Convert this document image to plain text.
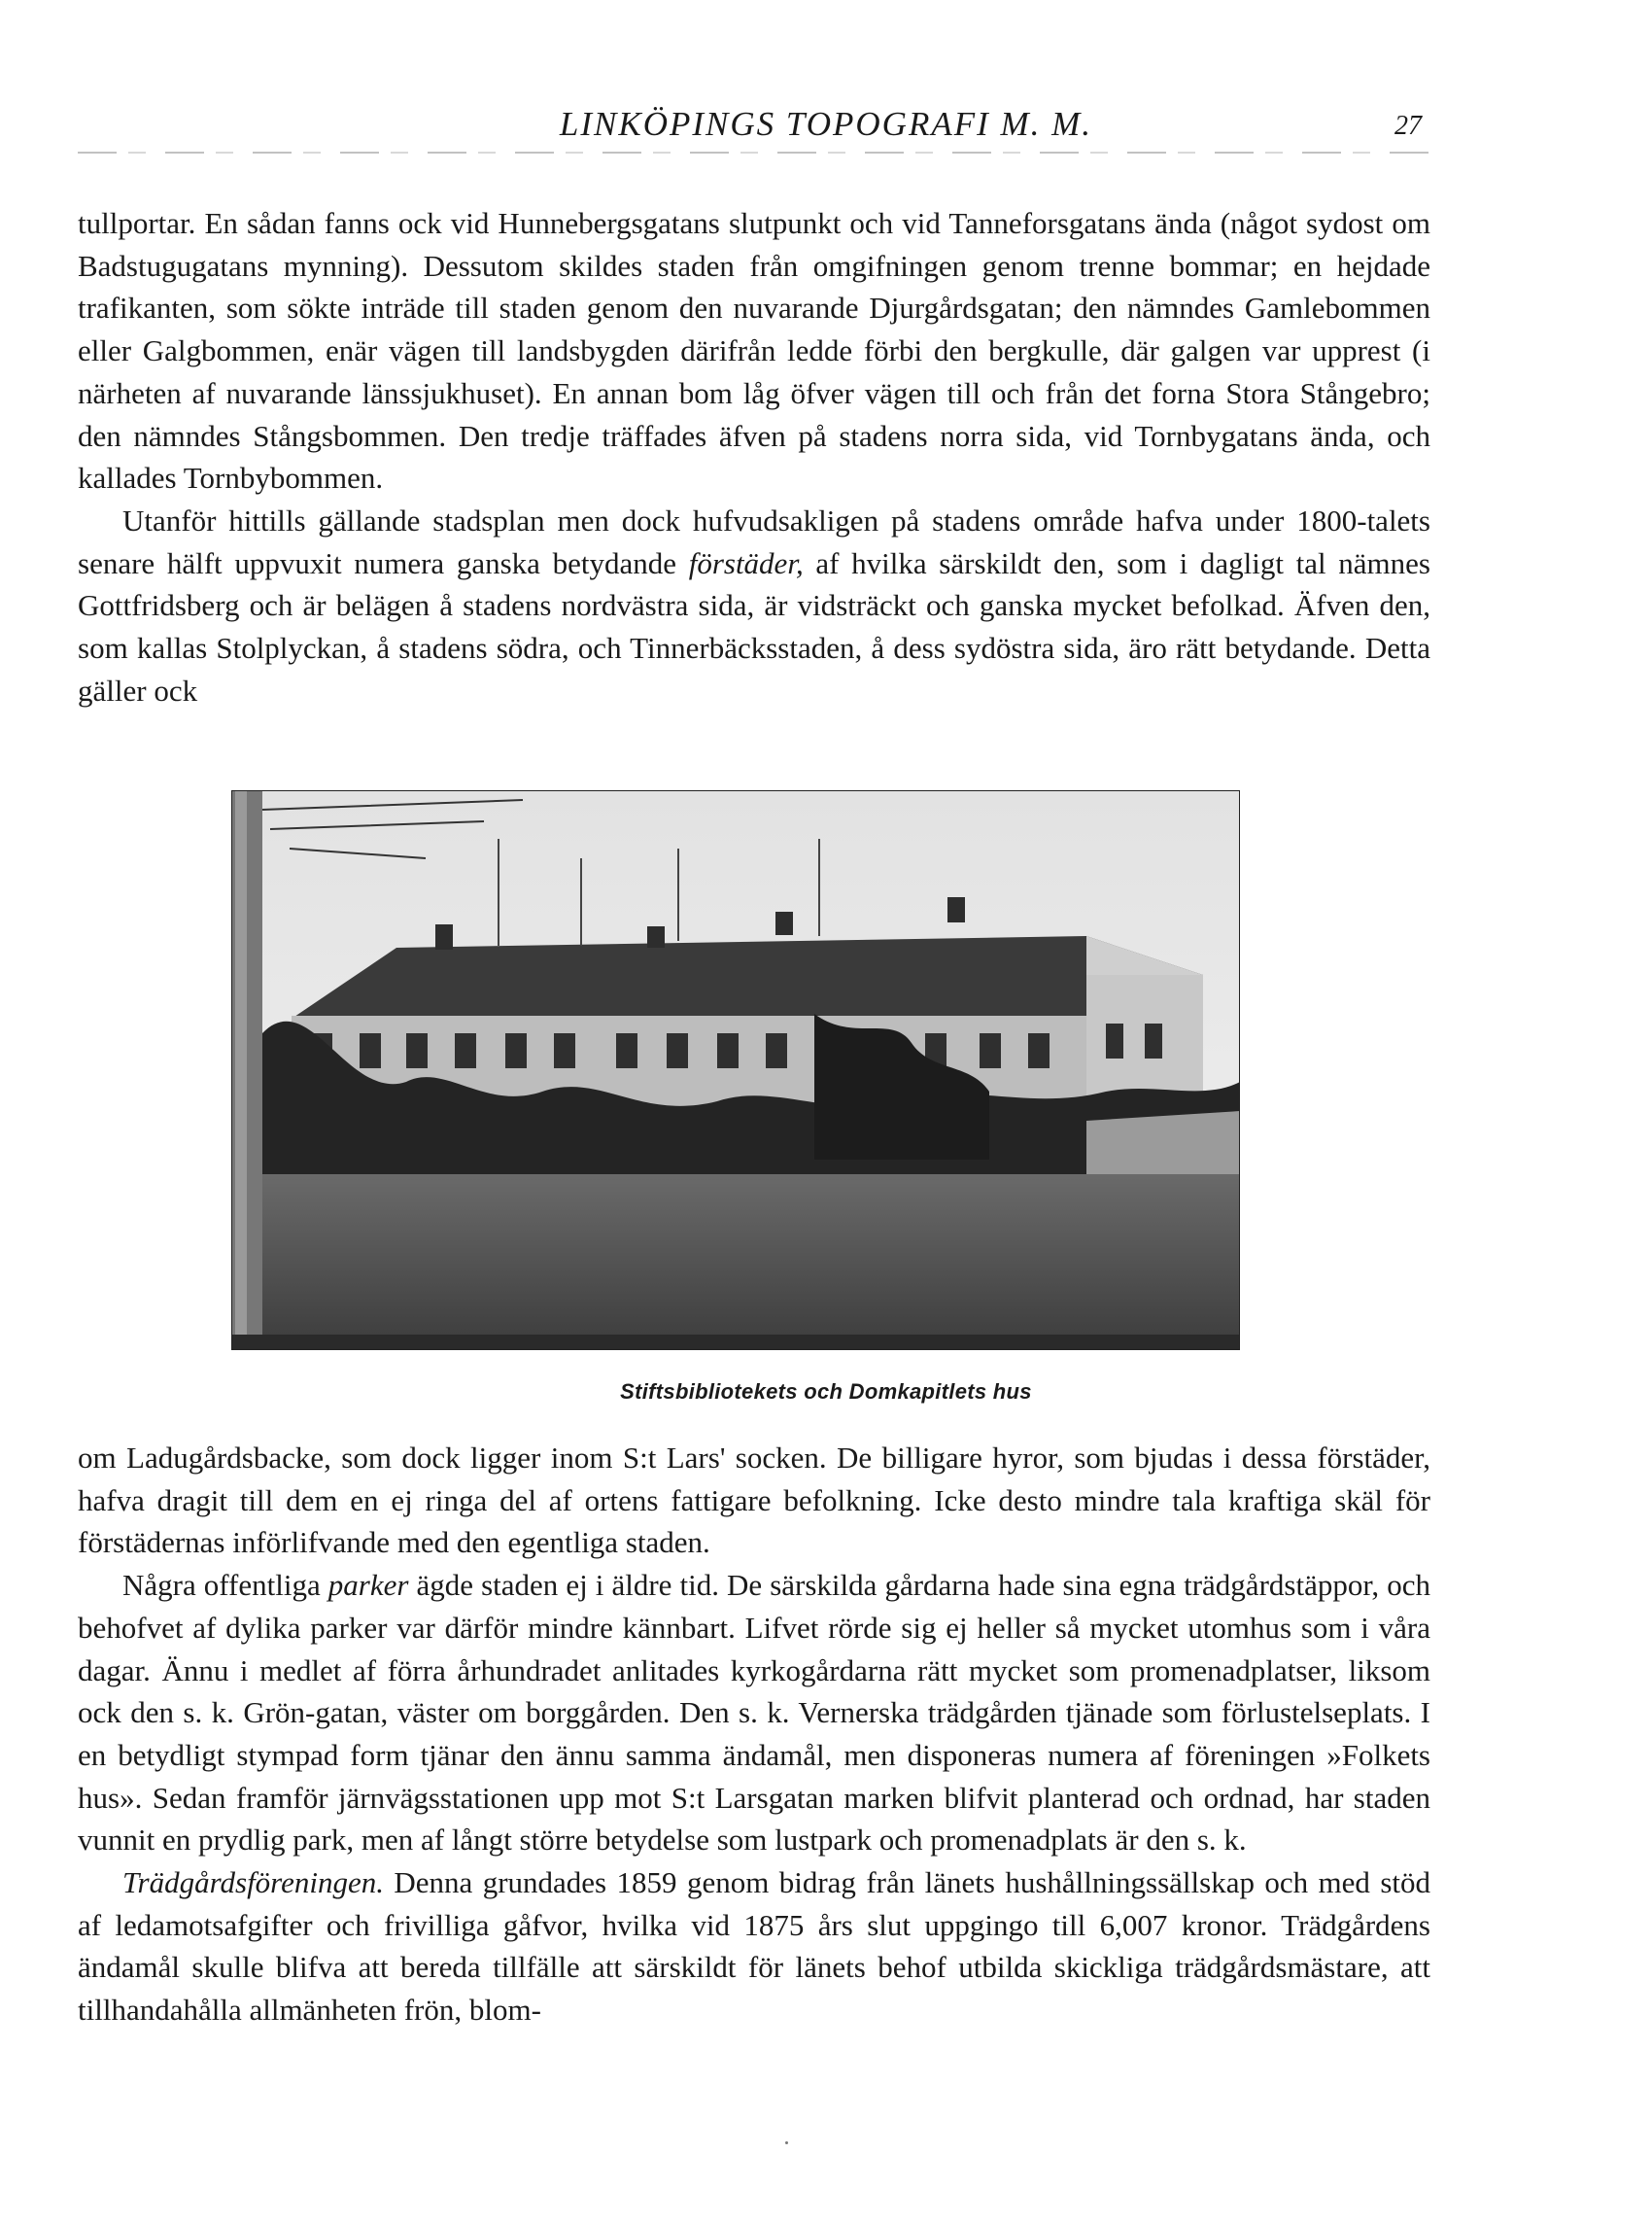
LINKÖPINGS TOPOGRAFI M. M.	27

tullportar. En sådan fanns ock vid Hunnebergsgatans slutpunkt och vid Tanneforsgatans ända (något sydost om Badstugugatans mynning). Dessutom skildes staden från omgifningen genom trenne bommar; en hejdade trafikanten, som sökte inträde till staden genom den nuvarande Djurgårdsgatan; den nämndes Gamlebommen eller Galgbommen, enär vägen till landsbygden därifrån ledde förbi den bergkulle, där galgen var upprest (i närheten af nuvarande länssjukhuset). En annan bom låg öfver vägen till och från det forna Stora Stångebro; den nämndes Stångsbommen. Den tredje träffades äfven på stadens norra sida, vid Tornbygatans ända, och kallades Tornbybommen.

Utanför hittills gällande stadsplan men dock hufvudsakligen på stadens område hafva under 1800-talets senare hälft uppvuxit numera ganska betydande förstäder, af hvilka särskildt den, som i dagligt tal nämnes Gottfridsberg och är belägen å stadens nordvästra sida, är vidsträckt och ganska mycket befolkad. Äfven den, som kallas Stolplyckan, å stadens södra, och Tinnerbäcksstaden, å dess sydöstra sida, äro rätt betydande. Detta gäller ock

Stiftsbibliotekets och Domkapitlets hus

om Ladugårdsbacke, som dock ligger inom S:t Lars' socken. De billigare hyror, som bjudas i dessa förstäder, hafva dragit till dem en ej ringa del af ortens fattigare befolkning. Icke desto mindre tala kraftiga skäl för förstädernas införlifvande med den egentliga staden.

Några offentliga parker ägde staden ej i äldre tid. De särskilda gårdarna hade sina egna trädgårdstäppor, och behofvet af dylika parker var därför mindre kännbart. Lifvet rörde sig ej heller så mycket utomhus som i våra dagar. Ännu i medlet af förra århundradet anlitades kyrkogårdarna rätt mycket som promenadplatser, liksom ock den s. k. Grön-gatan, väster om borggården. Den s. k. Vernerska trädgården tjänade som förlustelseplats. I en betydligt stympad form tjänar den ännu samma ändamål, men disponeras numera af föreningen »Folkets hus». Sedan framför järnvägsstationen upp mot S:t Larsgatan marken blifvit planterad och ordnad, har staden vunnit en prydlig park, men af långt större betydelse som lustpark och promenadplats är den s. k.

Trädgårdsföreningen. Denna grundades 1859 genom bidrag från länets hushållningssällskap och med stöd af ledamotsafgifter och frivilliga gåfvor, hvilka vid 1875 års slut uppgingo till 6,007 kronor. Trädgårdens ändamål skulle blifva att bereda tillfälle att särskildt för länets behof utbilda skickliga trädgårdsmästare, att tillhandahålla allmänheten frön, blom-
